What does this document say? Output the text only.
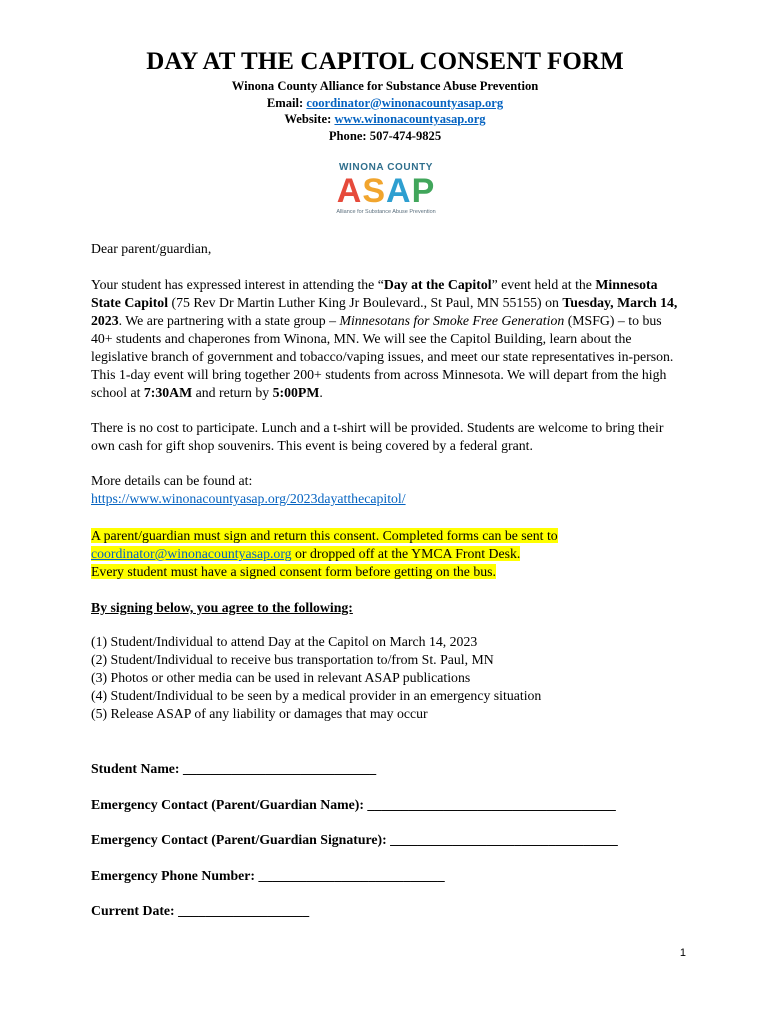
DAY AT THE CAPITOL CONSENT FORM
Winona County Alliance for Substance Abuse Prevention
Email: coordinator@winonacountyasap.org
Website: www.winonacountyasap.org
Phone: 507-474-9825
WINONA COUNTY
ASAP
Alliance for Substance Abuse Prevention

Dear parent/guardian,

Your student has expressed interest in attending the “Day at the Capitol” event held at the Minnesota State Capitol (75 Rev Dr Martin Luther King Jr Boulevard., St Paul, MN 55155) on Tuesday, March 14, 2023. We are partnering with a state group – Minnesotans for Smoke Free Generation (MSFG) – to bus 40+ students and chaperones from Winona, MN. We will see the Capitol Building, learn about the legislative branch of government and tobacco/vaping issues, and meet our state representatives in-person. This 1-day event will bring together 200+ students from across Minnesota. We will depart from the high school at 7:30AM and return by 5:00PM.

There is no cost to participate. Lunch and a t-shirt will be provided. Students are welcome to bring their own cash for gift shop souvenirs. This event is being covered by a federal grant.

More details can be found at:
https://www.winonacountyasap.org/2023dayatthecapitol/
A parent/guardian must sign and return this consent. Completed forms can be sent to
coordinator@winonacountyasap.org or dropped off at the YMCA Front Desk.
Every student must have a signed consent form before getting on the bus.
By signing below, you agree to the following:
(1) Student/Individual to attend Day at the Capitol on March 14, 2023
(2) Student/Individual to receive bus transportation to/from St. Paul, MN
(3) Photos or other media can be used in relevant ASAP publications
(4) Student/Individual to be seen by a medical provider in an emergency situation
(5) Release ASAP of any liability or damages that may occur
Student Name: ____________________________
Emergency Contact (Parent/Guardian Name): ____________________________________
Emergency Contact (Parent/Guardian Signature): _________________________________
Emergency Phone Number: ___________________________
Current Date: ___________________
1
